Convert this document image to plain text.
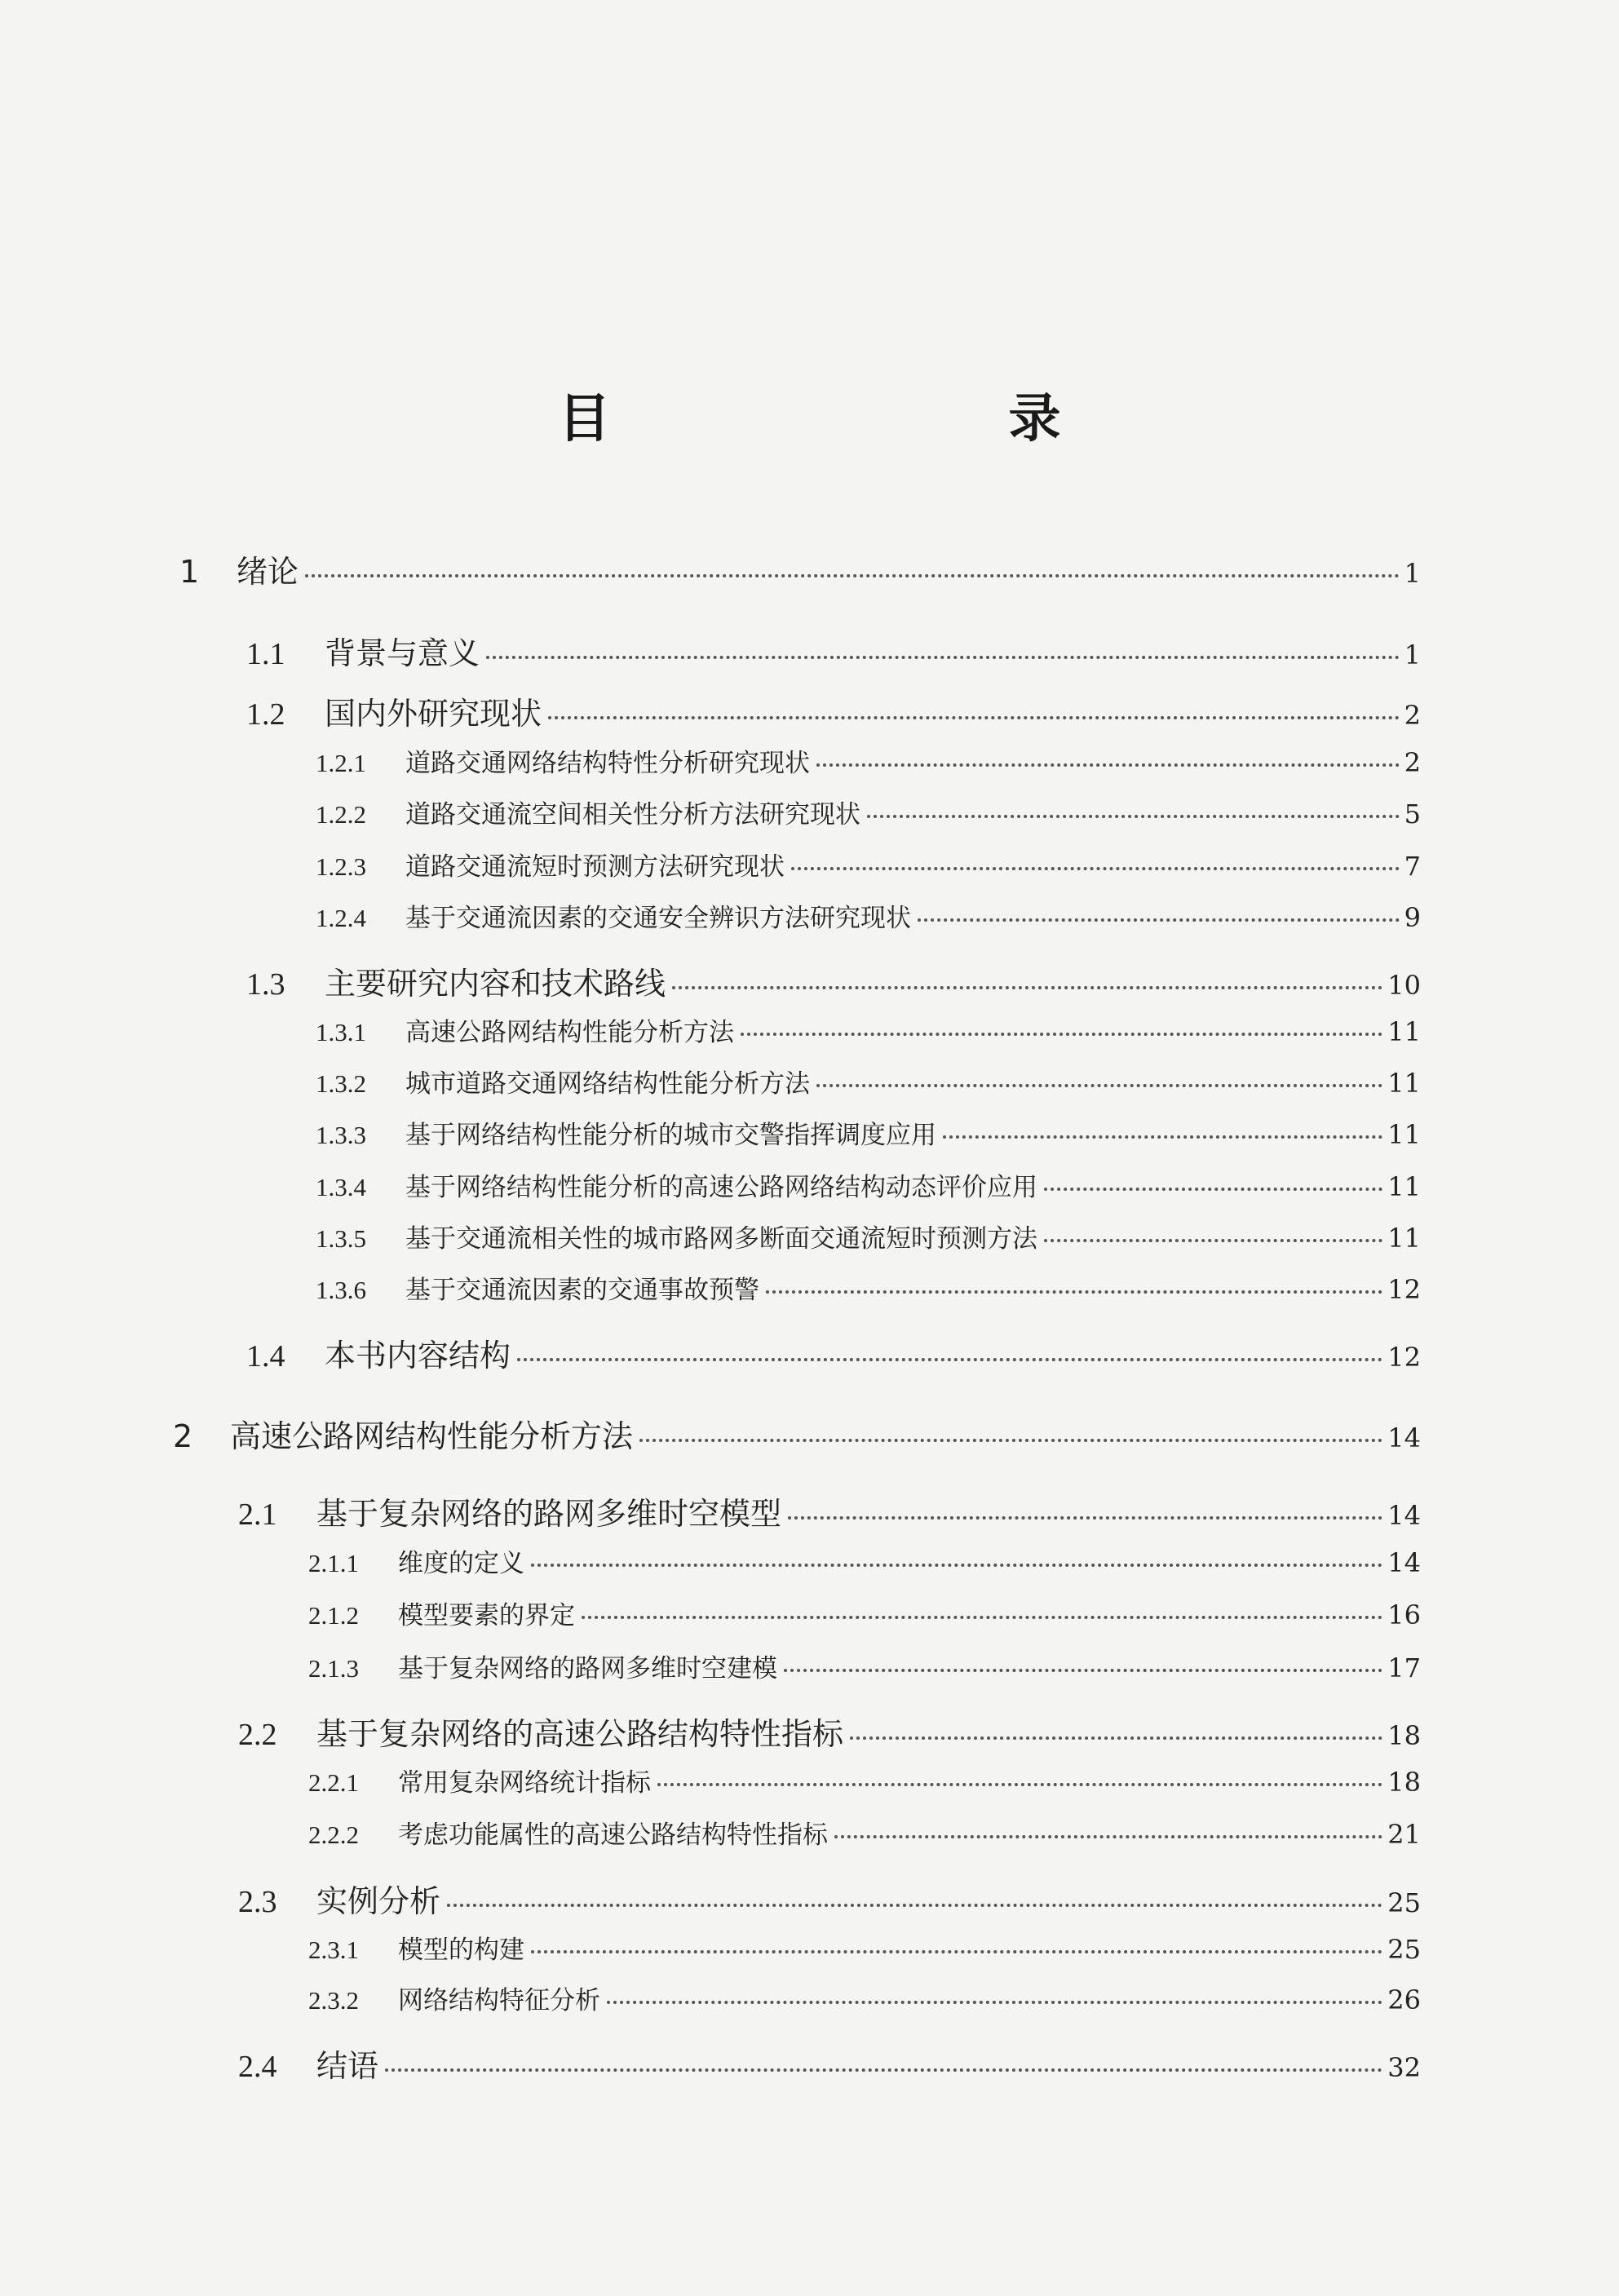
目　　录
1	绪论	1
1.1	背景与意义	1
1.2	国内外研究现状	2
1.2.1	道路交通网络结构特性分析研究现状	2
1.2.2	道路交通流空间相关性分析方法研究现状	5
1.2.3	道路交通流短时预测方法研究现状	7
1.2.4	基于交通流因素的交通安全辨识方法研究现状	9
1.3	主要研究内容和技术路线	10
1.3.1	高速公路网结构性能分析方法	11
1.3.2	城市道路交通网络结构性能分析方法	11
1.3.3	基于网络结构性能分析的城市交警指挥调度应用	11
1.3.4	基于网络结构性能分析的高速公路网络结构动态评价应用	11
1.3.5	基于交通流相关性的城市路网多断面交通流短时预测方法	11
1.3.6	基于交通流因素的交通事故预警	12
1.4	本书内容结构	12
2	高速公路网结构性能分析方法	14
2.1	基于复杂网络的路网多维时空模型	14
2.1.1	维度的定义	14
2.1.2	模型要素的界定	16
2.1.3	基于复杂网络的路网多维时空建模	17
2.2	基于复杂网络的高速公路结构特性指标	18
2.2.1	常用复杂网络统计指标	18
2.2.2	考虑功能属性的高速公路结构特性指标	21
2.3	实例分析	25
2.3.1	模型的构建	25
2.3.2	网络结构特征分析	26
2.4	结语	32
